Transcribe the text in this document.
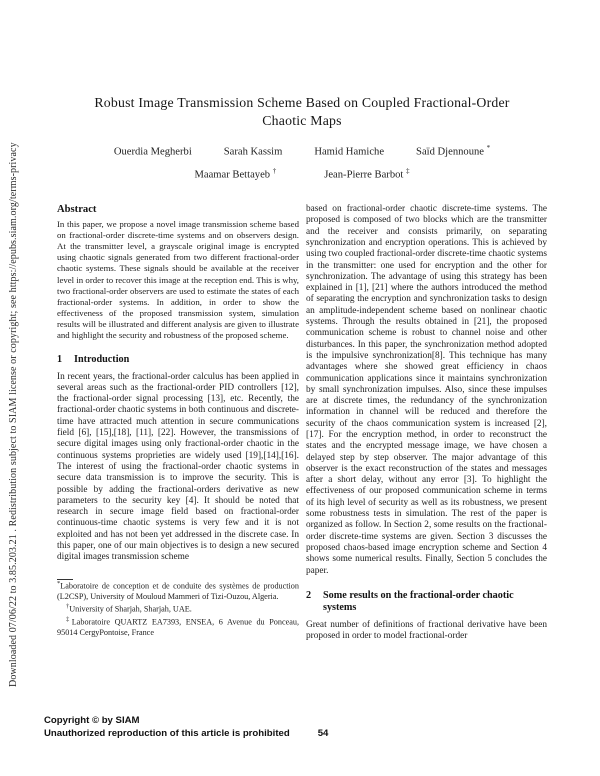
Downloaded 07/06/22 to 3.85.203.21 . Redistribution subject to SIAM license or copyright; see https://epubs.siam.org/terms-privacy
Robust Image Transmission Scheme Based on Coupled Fractional-Order
Chaotic Maps
Ouerdia Megherbi	Sarah Kassim	Hamid Hamiche	Saïd Djennoune *
Maamar Bettayeb †	Jean-Pierre Barbot ‡
Abstract
In this paper, we propose a novel image transmission scheme based on fractional-order discrete-time systems and on observers design. At the transmitter level, a grayscale original image is encrypted using chaotic signals generated from two different fractional-order chaotic systems. These signals should be available at the receiver level in order to recover this image at the reception end. This is why, two fractional-order observers are used to estimate the states of each fractional-order systems. In addition, in order to show the effectiveness of the proposed transmission system, simulation results will be illustrated and different analysis are given to illustrate and highlight the security and robustness of the proposed scheme.
1	Introduction
In recent years, the fractional-order calculus has been applied in several areas such as the fractional-order PID controllers [12], the fractional-order signal processing [13], etc. Recently, the fractional-order chaotic systems in both continuous and discrete-time have attracted much attention in secure communications field [6], [15],[18], [11], [22]. However, the transmissions of secure digital images using only fractional-order chaotic in the continuous systems proprieties are widely used [19],[14],[16]. The interest of using the fractional-order chaotic systems in secure data transmission is to improve the security. This is possible by adding the fractional-orders derivative as new parameters to the security key [4]. It should be noted that research in secure image field based on fractional-order continuous-time chaotic systems is very few and it is not exploited and has not been yet addressed in the discrete case. In this paper, one of our main objectives is to design a new secured digital images transmission scheme

*Laboratoire de conception et de conduite des systèmes de production (L2CSP), University of Mouloud Mammeri of Tizi-Ouzou, Algeria.

†University of Sharjah, Sharjah, UAE.

‡Laboratoire QUARTZ EA7393, ENSEA, 6 Avenue du Ponceau, 95014 CergyPontoise, France

based on fractional-order chaotic discrete-time systems. The proposed is composed of two blocks which are the transmitter and the receiver and consists primarily, on separating synchronization and encryption operations. This is achieved by using two coupled fractional-order discrete-time chaotic systems in the transmitter: one used for encryption and the other for synchronization. The advantage of using this strategy has been explained in [1], [21] where the authors introduced the method of separating the encryption and synchronization tasks to design an amplitude-independent scheme based on nonlinear chaotic systems. Through the results obtained in [21], the proposed communication scheme is robust to channel noise and other disturbances. In this paper, the synchronization method adopted is the impulsive synchronization[8]. This technique has many advantages where she showed great efficiency in chaos communication applications since it maintains synchronization by small synchronization impulses. Also, since these impulses are at discrete times, the redundancy of the synchronization information in channel will be reduced and therefore the security of the chaos communication system is increased [2], [17]. For the encryption method, in order to reconstruct the states and the encrypted message image, we have chosen a delayed step by step observer. The major advantage of this observer is the exact reconstruction of the states and messages after a short delay, without any error [3]. To highlight the effectiveness of our proposed communication scheme in terms of its high level of security as well as its robustness, we present some robustness tests in simulation. The rest of the paper is organized as follow. In Section 2, some results on the fractional-order discrete-time systems are given. Section 3 discusses the proposed chaos-based image encryption scheme and Section 4 shows some numerical results. Finally, Section 5 concludes the paper.
2	Some results on the fractional-order chaotic systems
Great number of definitions of fractional derivative have been proposed in order to model fractional-order
Copyright © by SIAM
Unauthorized reproduction of this article is prohibited	54
